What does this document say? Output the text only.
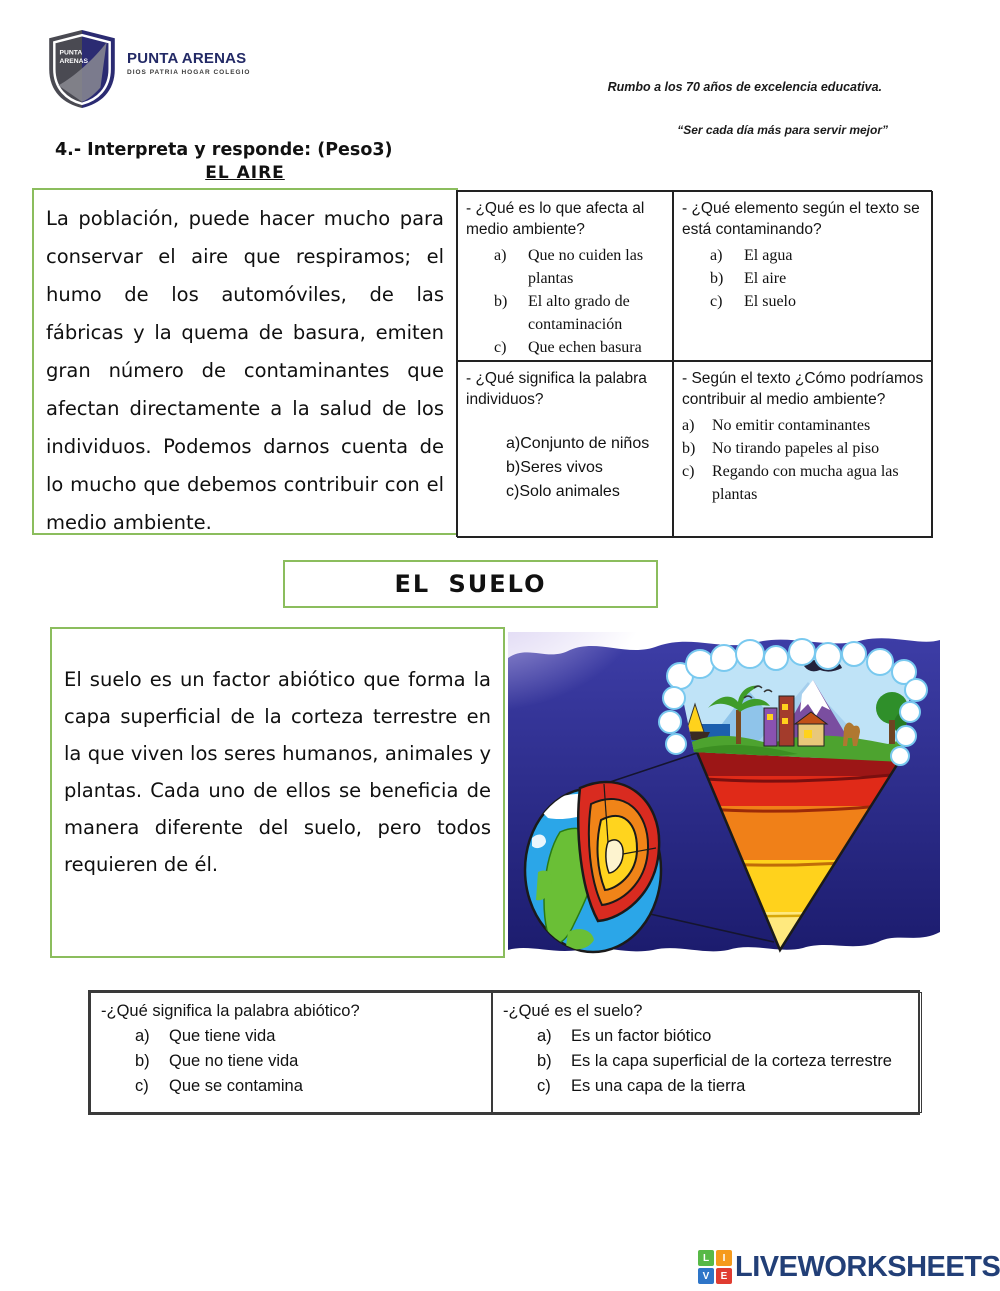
PUNTA
ARENAS	PUNTA ARENAS
DIOS PATRIA HOGAR COLEGIO
Rumbo a los 70 años de excelencia educativa.
“Ser cada día más para servir mejor”
4.- Interpreta y responde: (Peso3)
EL AIRE

La población, puede hacer mucho para conservar el aire que respiramos; el humo de los automóviles, de las fábricas y la quema de basura, emiten gran número de contaminantes que afectan directamente a la salud de los individuos. Podemos darnos cuenta de lo mucho que debemos contribuir con el medio ambiente.

- ¿Qué es lo que afecta al medio ambiente?
a)	Que no cuiden las plantas
b)	El alto grado de contaminación
c)	Que echen basura
- ¿Qué elemento según el texto se está contaminando?
a)	El agua
b)	El aire
c)	El suelo
- ¿Qué significa la palabra individuos?
a) Conjunto de niños
b) Seres vivos
c) Solo animales
- Según el texto ¿Cómo podríamos contribuir al medio ambiente?
a)	No emitir contaminantes
b)	No tirando papeles al piso
c)	Regando con mucha agua las plantas
EL SUELO

El suelo es un factor abiótico que forma la capa superficial de la corteza terrestre en la que viven los seres humanos, animales y plantas. Cada uno de ellos se beneficia de manera diferente del suelo, pero todos requieren de él.

-¿Qué significa la palabra abiótico?
a)	Que tiene vida
b)	Que no tiene vida
c)	Que se contamina
-¿Qué es el suelo?
a)	Es un factor biótico
b)	Es la capa superficial de la corteza terrestre
c)	Es una capa de la tierra
L	I
V	E LIVEWORKSHEETS
